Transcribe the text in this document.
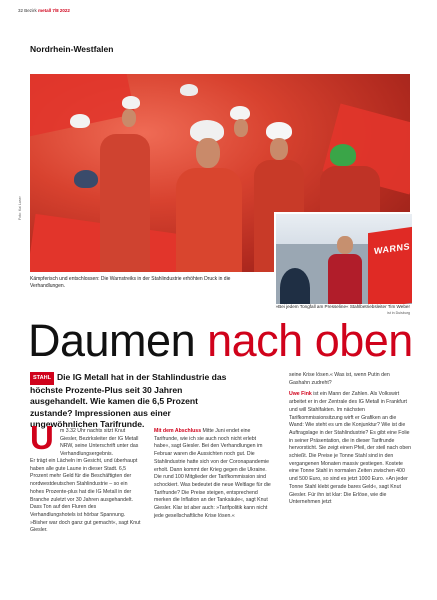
32 Bezirk metall 7/8 2022
Nordrhein-Westfalen
Foto: Kai Laser
WARNS
Kämpferisch und entschlossen: Die Warnstreiks in der Stahlindustrie erhöhten Druck in die Verhandlungen.
»Bei jedem Tongfall am Presseline« Stahlbetriebsleiter Tim Weber
ist in Duisburg
Daumen nach oben
STAHL Die IG Metall hat in der Stahlindustrie das höchste Prozente-Plus seit 30 Jahren ausgehandelt. Wie kamen die 6,5 Prozent zustande? Impressionen aus einer ungewöhnlichen Tarifrunde.
U m 3.32 Uhr nachts sitzt Knut Giesler, Bezirksleiter der IG Metall NRW, seine Unterschrift unter das Verhandlungsergebnis.
Er trägt ein Lächeln im Gesicht, und überhaupt haben alle gute Laune in dieser Stadt. 6,5 Prozent mehr Geld für die Beschäftigten der nordwestdeutschen Stahlindustrie – so ein hohes Prozente-plus hat die IG Metall in der Branche zuletzt vor 30 Jahren ausgehandelt. Dass Ton auf den Fluren des Verhandlungshotels ist hörbar Spannung. »Bisher war doch ganz gut gemacht«, sagt Knut Giesler.
Mit dem Abschluss Mitte Juni endet eine Tarifrunde, wie ich sie auch noch nicht erlebt habe«, sagt Giesler. Bei den Verhandlungen im Februar waren die Aussichten noch gut. Die Stahlindustrie hatte sich von der Coronapandemie erholt. Dann kommt der Krieg gegen die Ukraine. Die rund 100 Mitglieder der Tarifkommission sind schockiert. Was bedeutet die neue Weltlage für die Tarifrunde? Die Preise steigen, entsprechend merken die Inflation an der Tanksäule«, sagt Knut Giesler. Klar ist aber auch: »Tarifpolitik kann nicht jede gesellschaftliche Krise lösen.«
seine Krise lösen.« Was ist, wenn Putin den Gashahn zudreht?
Uwe Fink ist ein Mann der Zahlen. Als Volkswirt arbeitet er in der Zentrale des IG Metall in Frankfurt und will Stahlfakten. Im nächsten Tarifkommissionsitzung wirft er Grafiken an die Wand: Wie steht es um die Konjunktur? Wie ist die Auftragslage in der Stahlindustrie? Es gibt eine Folie in seiner Präsentation, die in dieser Tarifrunde hervorsticht. Sie zeigt einen Pfeil, der steil nach oben schießt. Die Preise je Tonne Stahl sind in den vergangenen Monaten massiv gestiegen. Kostete eine Tonne Stahl in normalen Zeiten zwischen 400 und 500 Euro, so sind es jetzt 1000 Euro. »An jeder Tonne Stahl klebt gerade bares Geld«, sagt Knut Giesler. Für ihn ist klar: Die Erlöse, wie die Unternehmen jetzt
